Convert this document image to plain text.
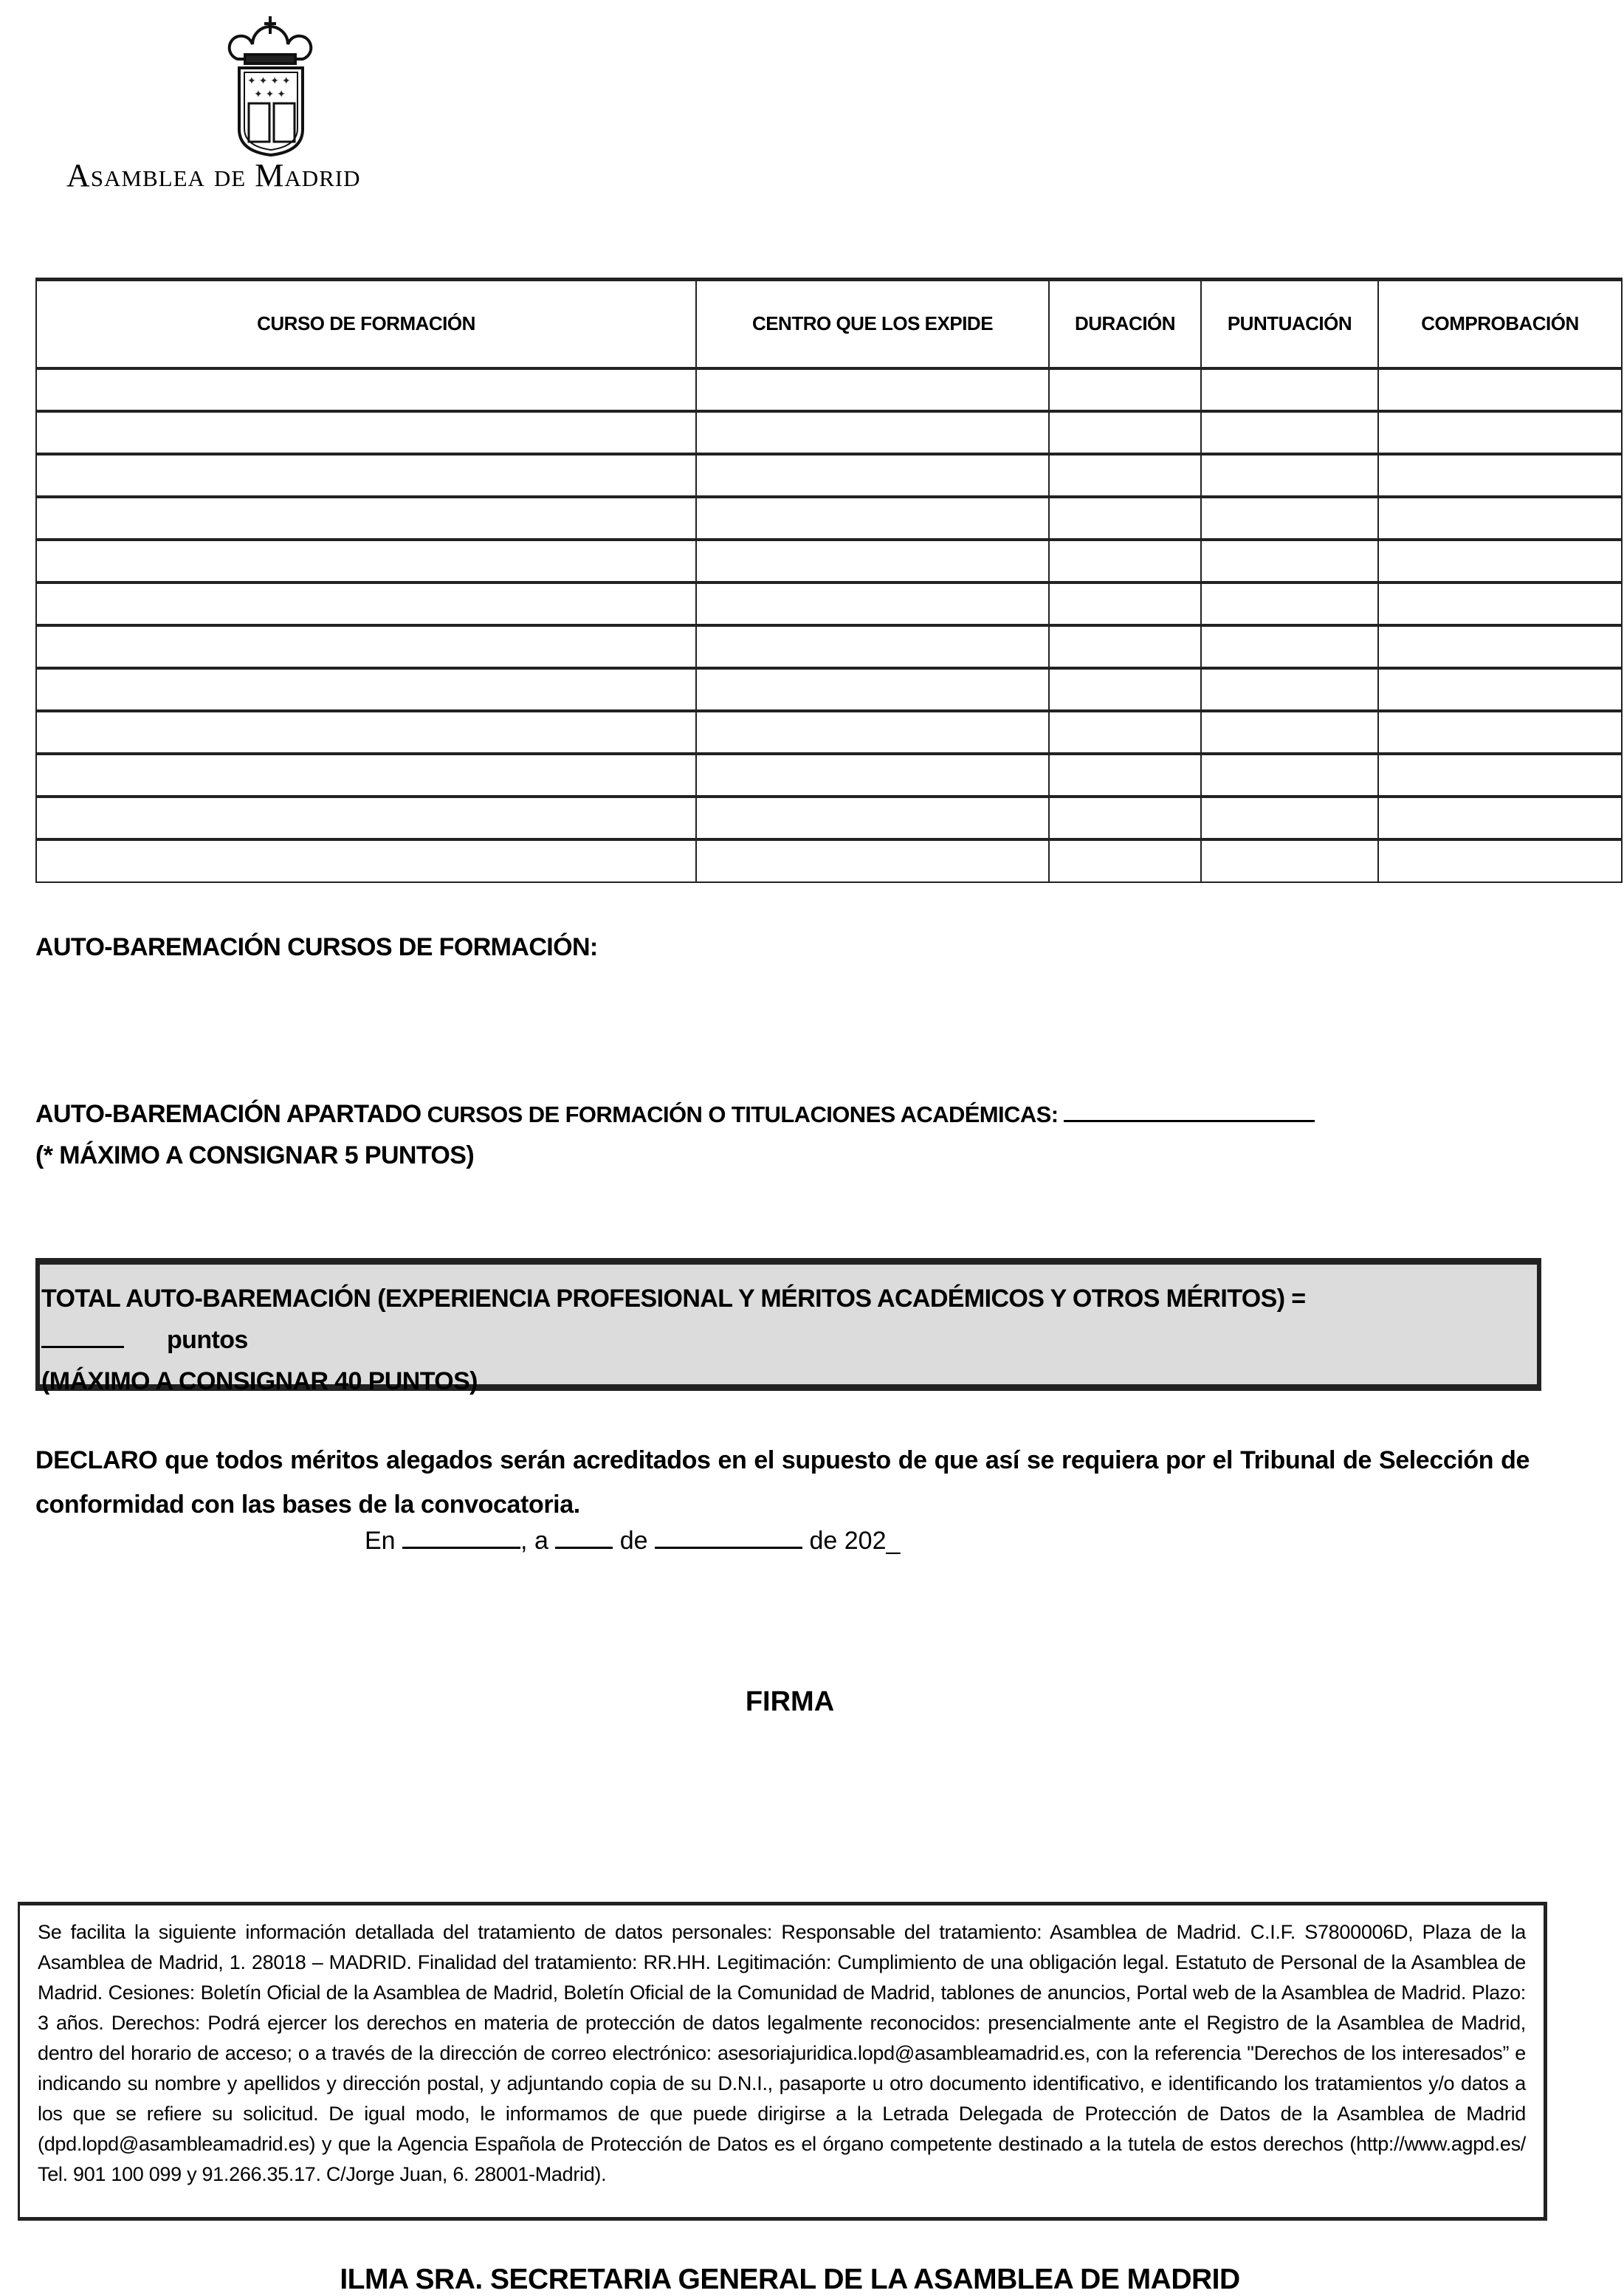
✦ ✦ ✦ ✦
✦ ✦ ✦
Asamblea de Madrid
CURSO DE FORMACIÓN	CENTRO QUE LOS EXPIDE	DURACIÓN	PUNTUACIÓN	COMPROBACIÓN

AUTO-BAREMACIÓN CURSOS DE FORMACIÓN:
AUTO-BAREMACIÓN APARTADO CURSOS DE FORMACIÓN O TITULACIONES ACADÉMICAS:
(* MÁXIMO A CONSIGNAR 5 PUNTOS)
TOTAL AUTO-BAREMACIÓN (EXPERIENCIA PROFESIONAL Y MÉRITOS ACADÉMICOS Y OTROS MÉRITOS) =
puntos
(MÁXIMO A CONSIGNAR 40 PUNTOS)
DECLARO que todos méritos alegados serán acreditados en el supuesto de que así se requiera por el Tribunal de Selección de conformidad con las bases de la convocatoria.
En	, a	de	de 202_
FIRMA
Se facilita la siguiente información detallada del tratamiento de datos personales: Responsable del tratamiento: Asamblea de Madrid. C.I.F. S7800006D, Plaza de la Asamblea de Madrid, 1. 28018 – MADRID. Finalidad del tratamiento: RR.HH. Legitimación: Cumplimiento de una obligación legal. Estatuto de Personal de la Asamblea de Madrid. Cesiones: Boletín Oficial de la Asamblea de Madrid, Boletín Oficial de la Comunidad de Madrid, tablones de anuncios, Portal web de la Asamblea de Madrid. Plazo: 3 años. Derechos: Podrá ejercer los derechos en materia de protección de datos legalmente reconocidos: presencialmente ante el Registro de la Asamblea de Madrid, dentro del horario de acceso; o a través de la dirección de correo electrónico: asesoriajuridica.lopd@asambleamadrid.es, con la referencia "Derechos de los interesados” e indicando su nombre y apellidos y dirección postal, y adjuntando copia de su D.N.I., pasaporte u otro documento identificativo, e identificando los tratamientos y/o datos a los que se refiere su solicitud. De igual modo, le informamos de que puede dirigirse a la Letrada Delegada de Protección de Datos de la Asamblea de Madrid (dpd.lopd@asambleamadrid.es) y que la Agencia Española de Protección de Datos es el órgano competente destinado a la tutela de estos derechos (http://www.agpd.es/ Tel. 901 100 099 y 91.266.35.17. C/Jorge Juan, 6. 28001-Madrid).
ILMA SRA. SECRETARIA GENERAL DE LA ASAMBLEA DE MADRID
